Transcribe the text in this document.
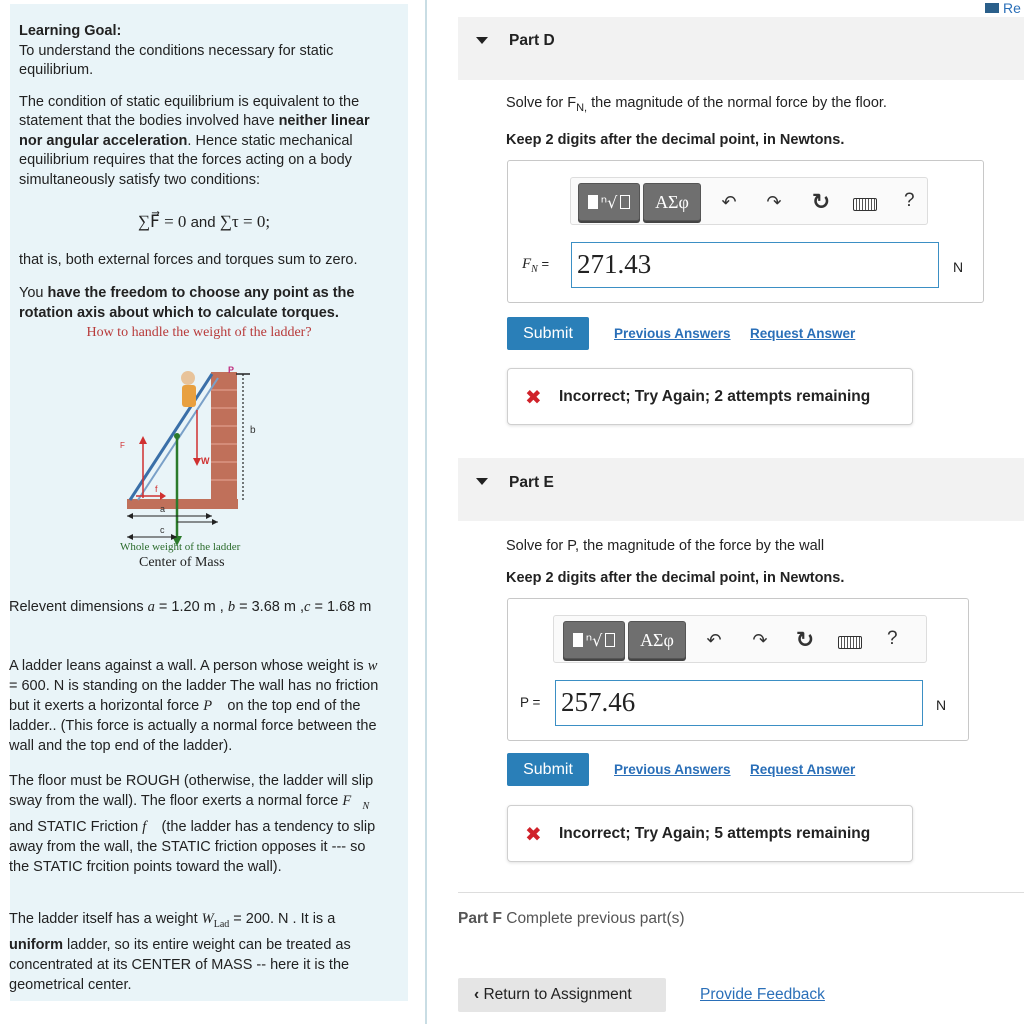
Learning Goal:

To understand the conditions necessary for static equilibrium.

The condition of static equilibrium is equivalent to the statement that the bodies involved have neither linear nor angular acceleration. Hence static mechanical equilibrium requires that the forces acting on a body simultaneously satisfy two conditions:

∑F⃗ = 0 and ∑τ = 0;

that is, both external forces and torques sum to zero.

You have the freedom to choose any point as the rotation axis about which to calculate torques.

How to handle the weight of the ladder?

P
b
W
F
f
a
c
Whole weight of the ladder
Center of Mass

Relevent dimensions a = 1.20 m , b = 3.68 m ,c = 1.68 m

A ladder leans against a wall. A person whose weight is w = 600. N is standing on the ladder The wall has no friction but it exerts a horizontal force P⃗ on the top end of the ladder.. (This force is actually a normal force between the wall and the top end of the ladder).

The floor must be ROUGH (otherwise, the ladder will slip sway from the wall). The floor exerts a normal force $F⃗_N$ and STATIC Friction f⃗ (the ladder has a tendency to slip away from the wall, the STATIC friction opposes it --- so the STATIC frcition points toward the wall).

The ladder itself has a weight $W_{Lad} = 200$. N . It is a uniform ladder, so its entire weight can be treated as concentrated at its CENTER of MASS -- here it is the geometrical center.

Re
Part D
Solve for $F_{N,}$ the magnitude of the normal force by the floor.
Keep 2 digits after the decimal point, in Newtons.
ⁿ√	ΑΣφ	↶ ↷ ↻	?
$F_N = 271.43$	N
Submit	Previous Answers Request Answer
✖ Incorrect; Try Again; 2 attempts remaining
Part E
Solve for P, the magnitude of the force by the wall
Keep 2 digits after the decimal point, in Newtons.
ⁿ√	ΑΣφ	↶ ↷ ↻	?
P = 257.46	N
Submit	Previous Answers Request Answer
✖ Incorrect; Try Again; 5 attempts remaining
Part F Complete previous part(s)
‹ Return to Assignment	Provide Feedback
